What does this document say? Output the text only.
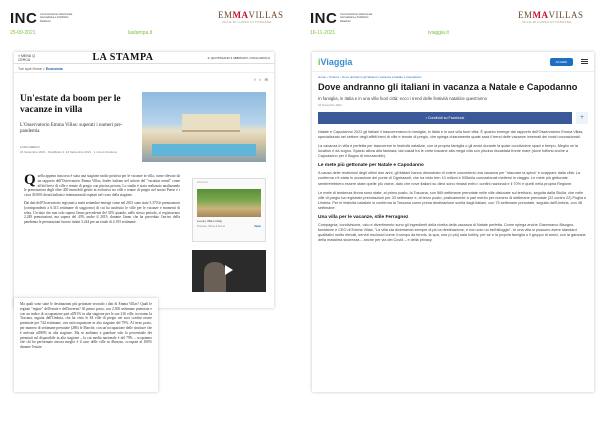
INC Comunicazione Istituzionale Giornalistica e Pubbliche Relazioni
EMMAVILLAS
VILLE DI LUSSO IN TOSCANA
25-09-2021	lastampa.it
≡ MENU Q CERCA	LA STAMPA	IL QUOTIDIANO ▾ ABBONATI ▪ PAOLO/ROLO
Tue spot Home > Economia
f t ✉
Un'estate da boom per le vacanze in villa
L'Osservatorio Emma Villas: superati i numeri pre-pandemia
LUIGI GRECO
24 Settembre 2021 · Modificato il: 24 Settembre 2021 · 1 minuti di lettura

Quella appena trascorsa è stata una stagione molto positiva per le vacanze in villa, come rilevato da un rapporto dell'Osservatorio Emma Villas, leader italiano nel settore del "vacation rental" come affitti brevi di ville e tenute di pregio con piscina privata. Lo studio è stato realizzato analizzando le prenotazioni degli oltre 450 immobili gestiti in esclusiva tra ville e tenute di pregio nel nostro Paese e i circa 30.000 clienti italiani e internazionali ospitati nel corso della stagione.

Dai dati dell'Osservatorio registrati a metà settembre emerge come nel 2021 sono state 5.370 le prenotazioni (corrispondenti a 6.313 settimane di soggiorno) di cui ha usufruito le ville per le vacanze e momenti di relax. Un dato che non solo supera l'anno precedente del 33% quando, nello stesso periodo, si registravano 2.249 prenotazioni, ma supera del 43% anche il 2019, durante l'anno che ha preceduto l'arrivo della pandemia le prenotazioni furono infatti 3.244 per un totale di 4.193 settimane.

Annuncio
Luxury Villa in Italy
Toscana, Siena & Roma	Open
Ma quali sono state le destinazioni più gettonate secondo i dati di Emma Villas? Quali le regioni "regine" dell'estate e dell'inverno? Al primo posto, con 2.300 settimane prenotate e con un indice di occupazione pari all'81% in alta stagione per le sue 216 ville, troviamo la Toscana, seguita dall'Umbria, che ha visto le 84 ville di pregio nei suoi confini essere prenotate per 744 settimane, con un'occupazione in alta stagione del 79%. Al terzo posto, per numero di settimane prenotate (286) le Marche, con un'occupazione delle strutture che è arrivata all'80% in alta stagione. Ma se andiamo a guardare solo la percentuale dei prenotati sul disponibile in alta stagione – la cui media nazionale è del 79% – scopriamo che chi ha performato ancora meglio è il caso delle ville in Abruzzo, occupate al 100% durante l'estate.
INC Comunicazione Istituzionale Giornalistica e Pubbliche Relazioni
EMMAVILLAS
VILLE DI LUSSO IN TOSCANA
16-11-2021	iviaggia.it
iViaggia	ACCEDI
Home › Turismo › Dove andranno gli italiani in vacanza a Natale e Capodanno
Dove andranno gli italiani in vacanza a Natale e Capodanno
In famiglia, in Italia e in una villa fuori città: ecco i trend delle festività natalizie quest'anno
16 Novembre 2021
▪ Condividi su Facebook	+

Natale e Capodanno 2022 gli italiani li trascorreranno in famiglia, in Italia e in una villa fuori città. È quanto emerge dal rapporto dell'Osservatorio Emma Villas, specializzato nel settore degli affitti brevi di ville e tenute di pregio, che spiega chiaramente quale sarà il trend delle vacanze invernali dei nostri connazionali.

La vacanza in villa è perfetta per trascorrere le festività natalizie, con la propria famiglia o gli amici durante la quale condividere spazi e tempo. Meglio se la location è da sogno. Spazio allora alla fantasia, dai casali tra le crete toscane alla mega villa con piscina riscaldata fronte mare (dove tuffarsi anche a Capodanno per il Bagno di mezzanotte).

Le mete più gettonate per Natale e Capodanno

A causa delle restrizioni degli ultimi due anni, gli italiani hanno dimostrato di volere concedersi una vacanza per "staccare la spina" e scappare dalla città. La conferma c'è stata in occasione del ponte di Ognissanti, che ha visto ben 10 milioni e 535mila connazionali mettersi in viaggio. Le mete più gettonate sembrerebbero essere state quelle più vicine, dato che nove italiani su dieci sono rimasti entro i confini nazionali e il 70% è quelli nella propria Regione.

Le mete di tendenza finora sono state, al primo posto, la Toscana, con 569 settimane prenotate nelle ville dislocate sul territorio, seguita dalla Sicilia, che nelle ville di pregio ha registrato prenotazioni per 33 settimane e, al terzo posto, praticamente a pari merito per numero di settimane prenotate (22 contro 22) Puglia e Umbria. Per le festività natalizie si conferma la Toscana come prima destinazione scelta dagli italiani, con 75 settimane prenotate, seguita dall'Umbria, con 48 settimane.

Una villa per le vacanze, stile Ferragnez

Compagnia, condivisione, ozio e divertimento sono gli ingredienti della ricetta della vacanza di Natale perfetta. Come spiega anche Giammarco Bisogno, fondatore e CEO di Emma Villas, "La villa sta diventando sempre di più la destinazione, e non solo un bell'alloggio". In una villa si possono avere standard qualitativi molto elevati, servizi esclusivi come il campo da tennis, la spa, una (o più) sala hobby, per sé e la propria famiglia o il gruppo di amici, con la garanzia della massima sicurezza – anche per via del Covid – e della privacy.
